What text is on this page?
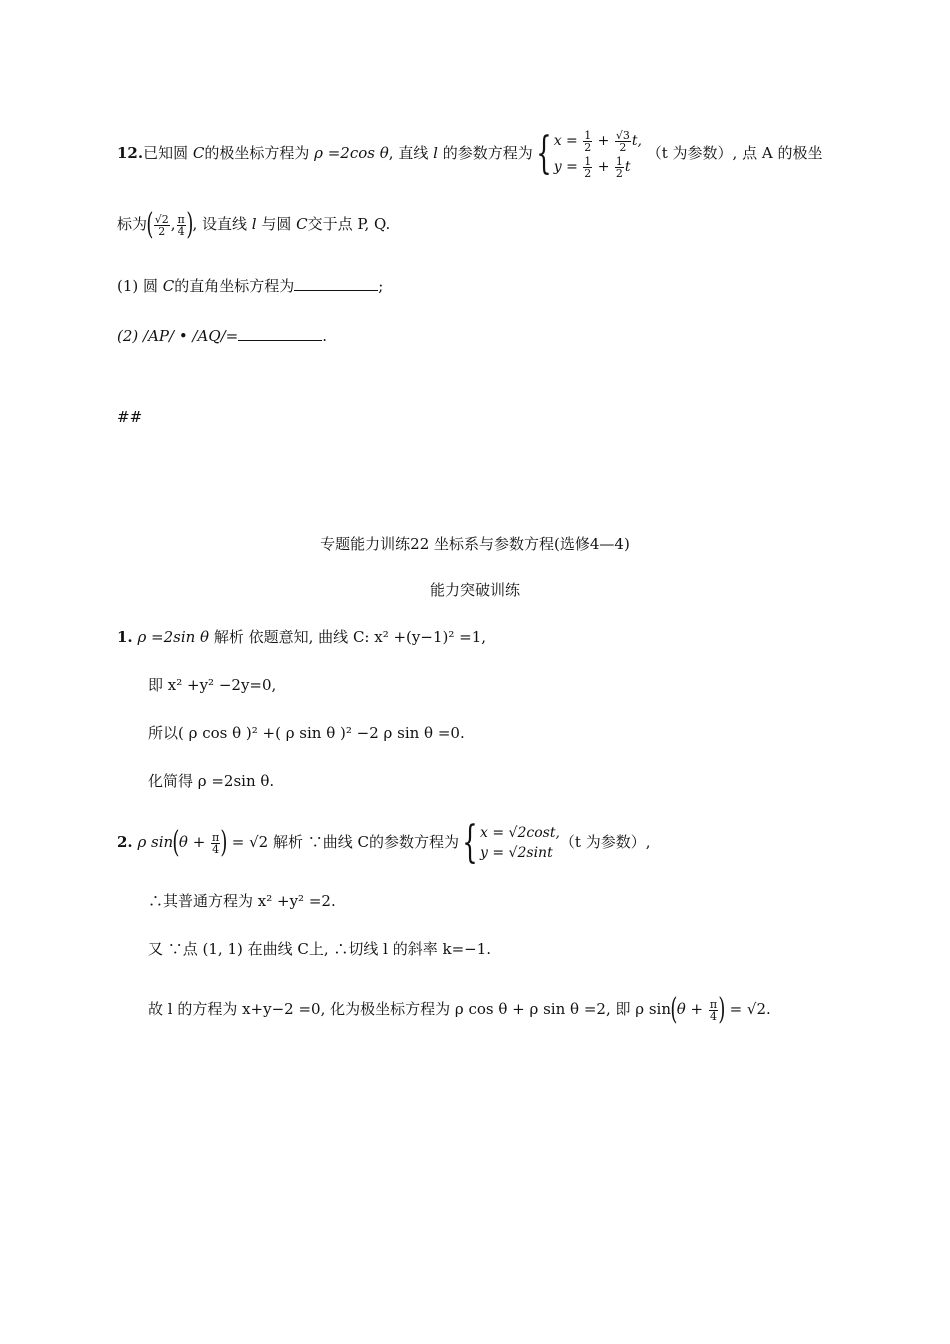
12.已知圆 C的极坐标方程为 ρ =2cos θ, 直线 l 的参数方程为{ $x = \frac{1}{2} + \frac{√3}{2} t$,
$y = \frac{1}{2} + \frac{1}{2}$ t （t 为参数）, 点 A 的极坐
标为( $\frac{√2}{2}$ , $\frac{\pi}{4}$ ), 设直线 l 与圆 C交于点 P, Q.
(1) 圆 C的直角坐标方程为	;
(2) /AP/ • /AQ/=	.
##
专题能力训练22 坐标系与参数方程(选修4—4)
能力突破训练
1. ρ =2sin θ 解析 依题意知, 曲线 C: x² +(y−1)² =1,
即 x² +y² −2y=0,
所以( ρ cos θ )² +( ρ sin θ )² −2 ρ sin θ =0.
化简得 ρ =2sin θ.
2. ρ $\sin(\theta + \frac{\pi}{4}$ ) = √2 解析 ∵曲线 C的参数方程为{ x = √2cost,
y = √2sint（t 为参数）,
∴其普通方程为 x² +y² =2.
又 ∵点 (1, 1) 在曲线 C上, ∴切线 l 的斜率 k=−1.
故 l 的方程为 x+y−2 =0, 化为极坐标方程为 ρ cos θ + ρ sin θ =2, 即 ρ $\sin(\theta + \frac{\pi}{4}$ ) = √2.
